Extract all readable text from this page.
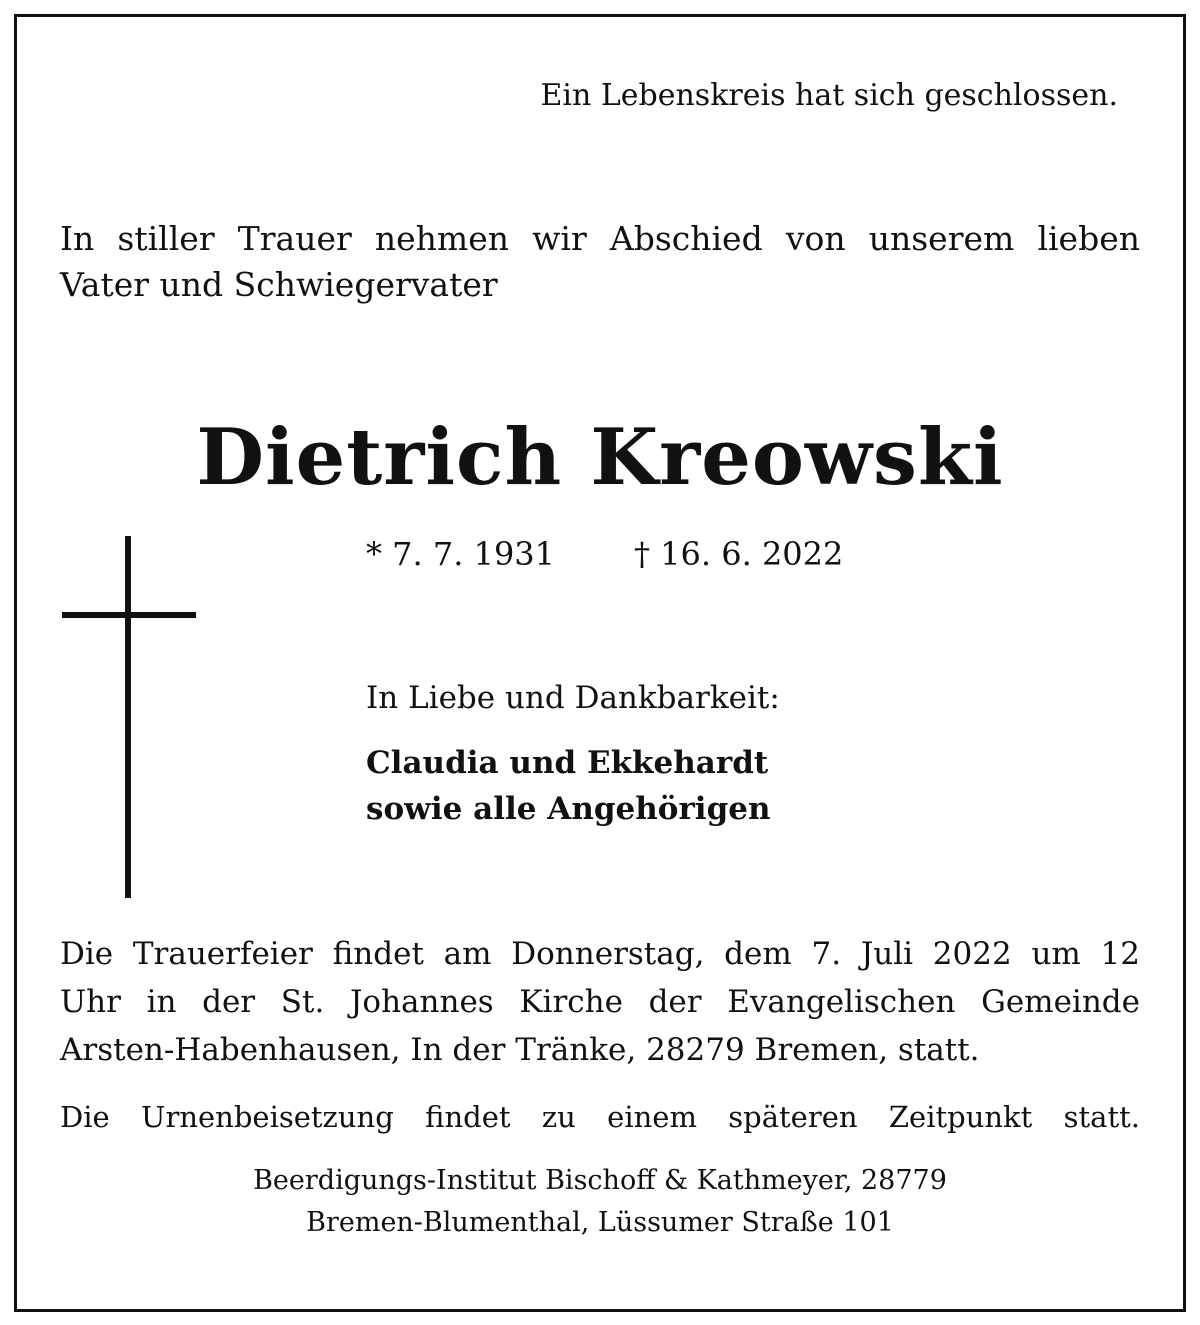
Ein Lebenskreis hat sich geschlossen.
In stiller Trauer nehmen wir Abschied von unserem lieben
Vater und Schwiegervater
Dietrich Kreowski
* 7. 7. 1931 † 16. 6. 2022
In Liebe und Dankbarkeit:
Claudia und Ekkehardt
sowie alle Angehörigen
Die Trauerfeier findet am Donnerstag, dem 7. Juli 2022 um 12
Uhr in der St. Johannes Kirche der Evangelischen Gemeinde
Arsten-Habenhausen, In der Tränke, 28279 Bremen, statt.
Die Urnenbeisetzung findet zu einem späteren Zeitpunkt statt.
Beerdigungs-Institut Bischoff & Kathmeyer, 28779
Bremen-Blumenthal, Lüssumer Straße 101
